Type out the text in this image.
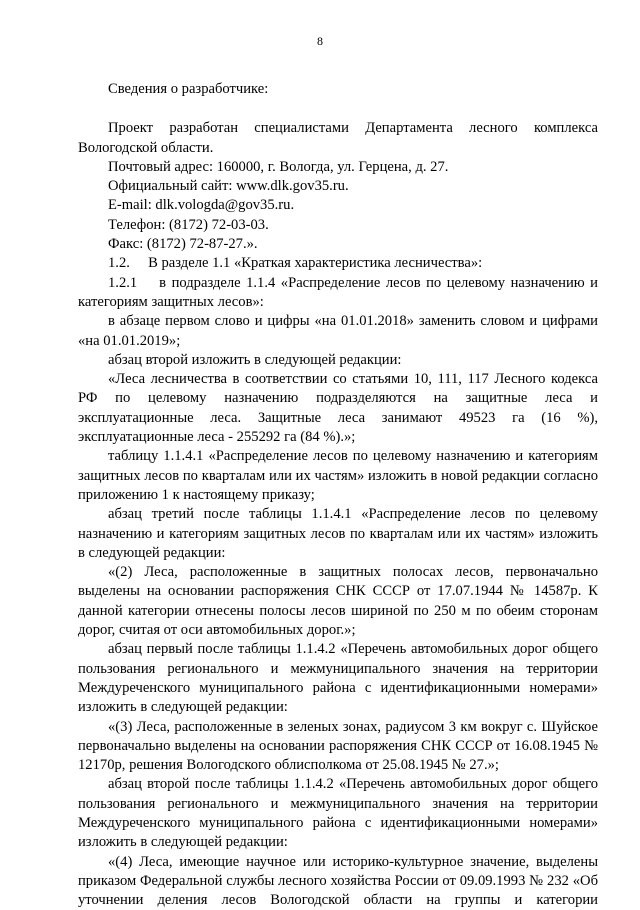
8

Сведения о разработчике:

Проект разработан специалистами Департамента лесного комплекса Вологодской области.

Почтовый адрес: 160000, г. Вологда, ул. Герцена, д. 27.

Официальный сайт: www.dlk.gov35.ru.

E-mail: dlk.vologda@gov35.ru.

Телефон: (8172) 72-03-03.

Факс: (8172) 72-87-27.».

1.2.     В разделе 1.1 «Краткая характеристика лесничества»:

1.2.1    в подразделе 1.1.4 «Распределение лесов по целевому назначению и категориям защитных лесов»:

в абзаце первом слово и цифры «на 01.01.2018» заменить словом и цифрами «на 01.01.2019»;

абзац второй изложить в следующей редакции:

«Леса лесничества в соответствии со статьями 10, 111, 117 Лесного кодекса РФ по целевому назначению подразделяются на защитные леса и эксплуатационные леса. Защитные леса занимают 49523 га (16 %), эксплуатационные леса - 255292 га (84 %).»;

таблицу 1.1.4.1 «Распределение лесов по целевому назначению и категориям защитных лесов по кварталам или их частям» изложить в новой редакции согласно приложению 1 к настоящему приказу;

абзац третий после таблицы 1.1.4.1 «Распределение лесов по целевому назначению и категориям защитных лесов по кварталам или их частям» изложить в следующей редакции:

«(2) Леса, расположенные в защитных полосах лесов, первоначально выделены на основании распоряжения СНК СССР от 17.07.1944 № 14587р. К данной категории отнесены полосы лесов шириной по 250 м по обеим сторонам дорог, считая от оси автомобильных дорог.»;

абзац первый после таблицы 1.1.4.2 «Перечень автомобильных дорог общего пользования регионального и межмуниципального значения на территории Междуреченского муниципального района с идентификационными номерами» изложить в следующей редакции:

«(3) Леса, расположенные в зеленых зонах, радиусом 3 км вокруг с. Шуйское первоначально выделены на основании распоряжения СНК СССР от 16.08.1945 № 12170р, решения Вологодского облисполкома от 25.08.1945 № 27.»;

абзац второй после таблицы 1.1.4.2 «Перечень автомобильных дорог общего пользования регионального и межмуниципального значения на территории Междуреченского муниципального района с идентификационными номерами» изложить в следующей редакции:

«(4) Леса, имеющие научное или историко-культурное значение, выделены приказом Федеральной службы лесного хозяйства России от 09.09.1993 № 232 «Об уточнении деления лесов Вологодской области на группы и категории
